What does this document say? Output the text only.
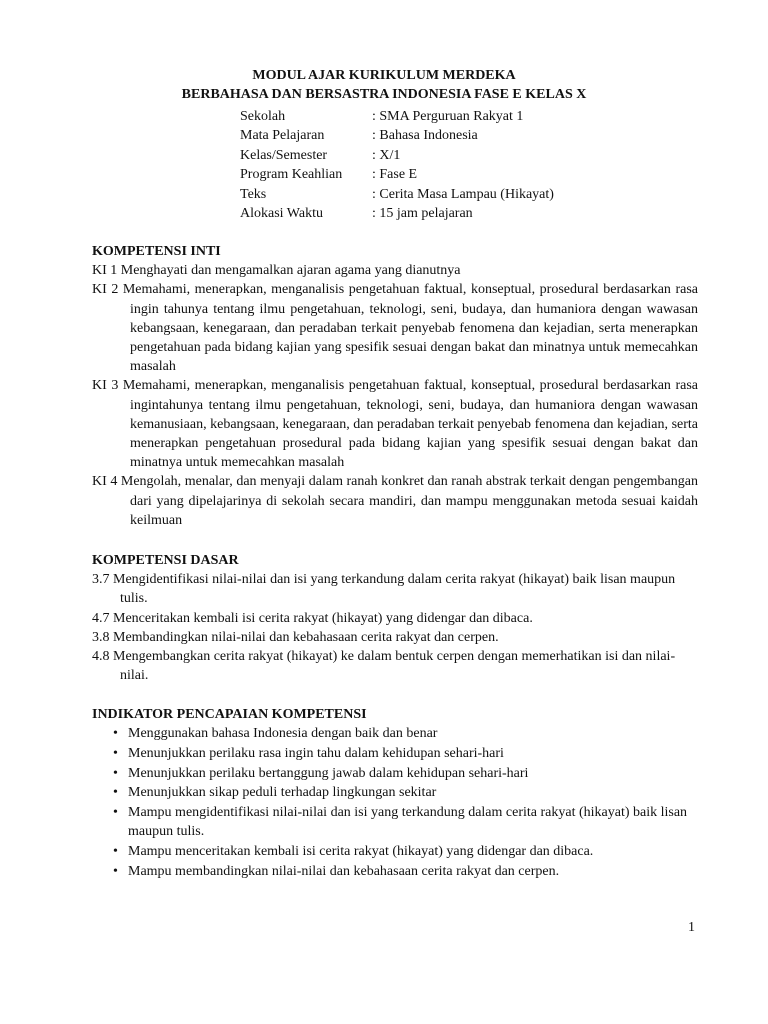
MODUL AJAR KURIKULUM MERDEKA
BERBAHASA DAN BERSASTRA INDONESIA FASE E KELAS X
Sekolah	: SMA Perguruan Rakyat 1
Mata Pelajaran	: Bahasa Indonesia
Kelas/Semester	: X/1
Program Keahlian	: Fase E
Teks	: Cerita Masa Lampau (Hikayat)
Alokasi Waktu	: 15 jam pelajaran
KOMPETENSI INTI
KI 1 Menghayati dan mengamalkan ajaran agama yang dianutnya
KI 2 Memahami, menerapkan, menganalisis pengetahuan faktual, konseptual, prosedural berdasarkan rasa ingin tahunya tentang ilmu pengetahuan, teknologi, seni, budaya, dan humaniora dengan wawasan kebangsaan, kenegaraan, dan peradaban terkait penyebab fenomena dan kejadian, serta menerapkan pengetahuan pada bidang kajian yang spesifik sesuai dengan bakat dan minatnya untuk memecahkan masalah
KI 3 Memahami, menerapkan, menganalisis pengetahuan faktual, konseptual, prosedural berdasarkan rasa ingintahunya tentang ilmu pengetahuan, teknologi, seni, budaya, dan humaniora dengan wawasan kemanusiaan, kebangsaan, kenegaraan, dan peradaban terkait penyebab fenomena dan kejadian, serta menerapkan pengetahuan prosedural pada bidang kajian yang spesifik sesuai dengan bakat dan minatnya untuk memecahkan masalah
KI 4 Mengolah, menalar, dan menyaji dalam ranah konkret dan ranah abstrak terkait dengan pengembangan dari yang dipelajarinya di sekolah secara mandiri, dan mampu menggunakan metoda sesuai kaidah keilmuan
KOMPETENSI DASAR
3.7 Mengidentifikasi nilai-nilai dan isi yang terkandung dalam cerita rakyat (hikayat) baik lisan maupun tulis.
4.7 Menceritakan kembali isi cerita rakyat (hikayat) yang didengar dan dibaca.
3.8 Membandingkan nilai-nilai dan kebahasaan cerita rakyat dan cerpen.
4.8 Mengembangkan cerita rakyat (hikayat) ke dalam bentuk cerpen dengan memerhatikan isi dan nilai-nilai.
INDIKATOR PENCAPAIAN KOMPETENSI
• Menggunakan bahasa Indonesia dengan baik dan benar
• Menunjukkan perilaku rasa ingin tahu dalam kehidupan sehari-hari
• Menunjukkan perilaku bertanggung jawab dalam kehidupan sehari-hari
• Menunjukkan sikap peduli terhadap lingkungan sekitar
• Mampu mengidentifikasi nilai-nilai dan isi yang terkandung dalam cerita rakyat (hikayat) baik lisan maupun tulis.
• Mampu menceritakan kembali isi cerita rakyat (hikayat) yang didengar dan dibaca.
• Mampu membandingkan nilai-nilai dan kebahasaan cerita rakyat dan cerpen.
1
